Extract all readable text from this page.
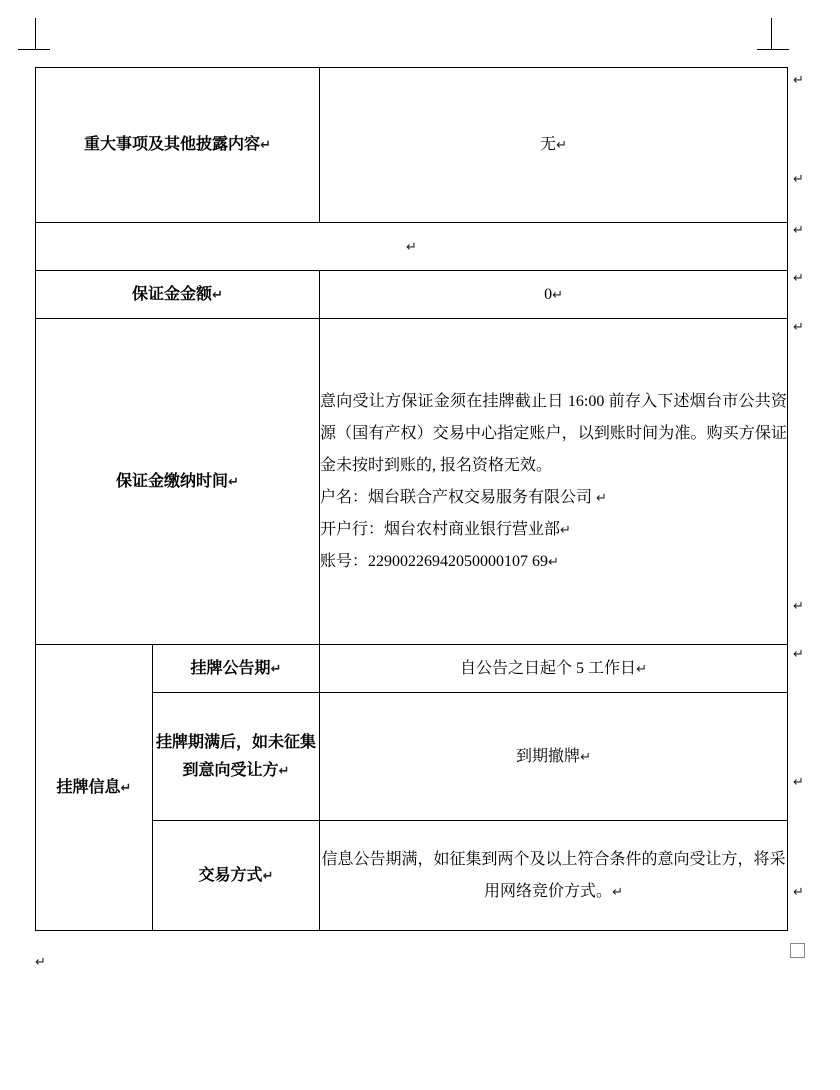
重大事项及其他披露内容↵		无↵
↵		
保证金金额↵		0↵
保证金缴纳时间↵		意向受让方保证金须在挂牌截止日 16:00 前存入下述烟台市公共资源（国有产权）交易中心指定账户，以到账时间为准。购买方保证金未按时到账的, 报名资格无效。

户名：烟台联合产权交易服务有限公司 ↵

开户行：烟台农村商业银行营业部↵

账号：22900226942050000107 69↵

挂牌信息↵	挂牌公告期↵	自公告之日起个 5 工作日↵
	挂牌期满后，如未征集到意向受让方↵	到期撤牌↵
	交易方式↵	信息公告期满，如征集到两个及以上符合条件的意向受让方，将采用网络竞价方式。↵
↵
↵
↵
↵
↵
↵
↵
↵
↵
↵
